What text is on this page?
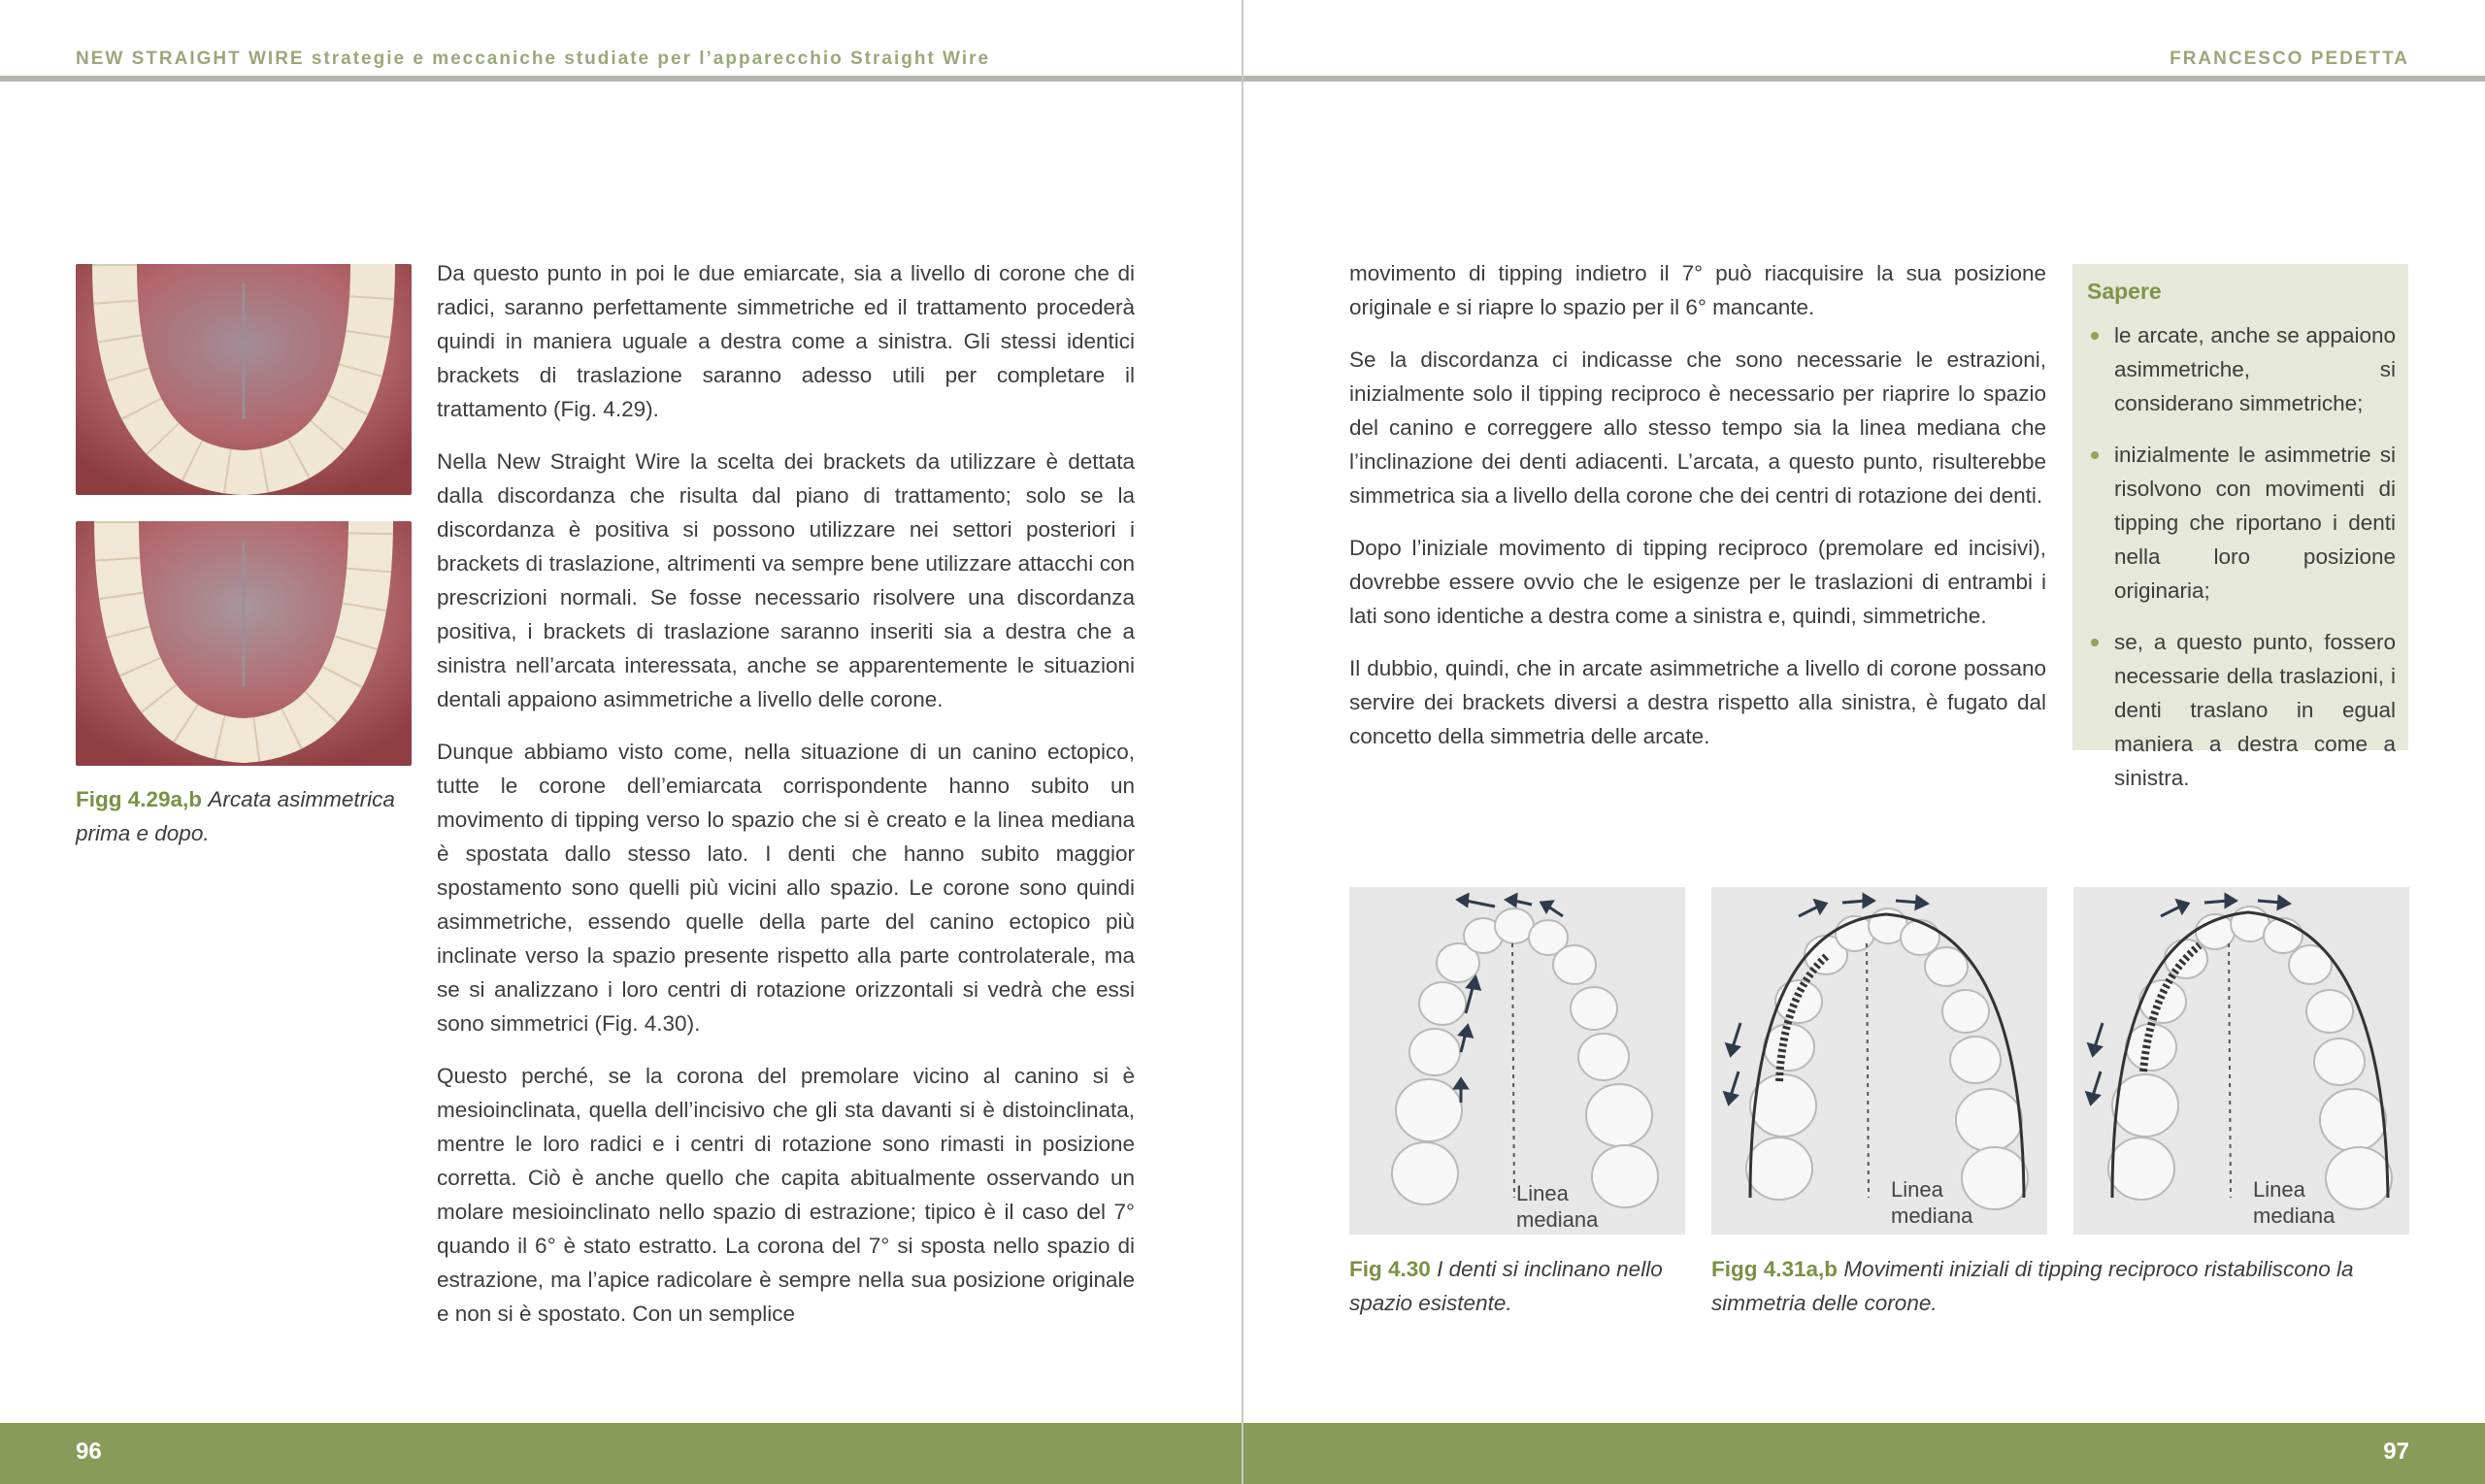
NEW STRAIGHT WIRE strategie e meccaniche studiate per l’apparecchio Straight Wire
Figg 4.29a,b Arcata asimmetrica prima e dopo.

Da questo punto in poi le due emiarcate, sia a livello di corone che di radici, saranno perfettamente simmetriche ed il trattamento procederà quindi in maniera uguale a destra come a sinistra. Gli stessi identici brackets di traslazione saranno adesso utili per completare il trattamento (Fig. 4.29).

Nella New Straight Wire la scelta dei brackets da utilizzare è dettata dalla discordanza che risulta dal piano di trattamento; solo se la discordanza è positiva si possono utilizzare nei settori posteriori i brackets di traslazione, altrimenti va sempre bene utilizzare attacchi con prescrizioni normali. Se fosse necessario risolvere una discordanza positiva, i brackets di traslazione saranno inseriti sia a destra che a sinistra nell’arcata interessata, anche se apparentemente le situazioni dentali appaiono asimmetriche a livello delle corone.

Dunque abbiamo visto come, nella situazione di un canino ectopico, tutte le corone dell’emiarcata corrispondente hanno subito un movimento di tipping verso lo spazio che si è creato e la linea mediana è spostata dallo stesso lato. I denti che hanno subito maggior spostamento sono quelli più vicini allo spazio. Le corone sono quindi asimmetriche, essendo quelle della parte del canino ectopico più inclinate verso la spazio presente rispetto alla parte controlaterale, ma se si analizzano i loro centri di rotazione orizzontali si vedrà che essi sono simmetrici (Fig. 4.30).

Questo perché, se la corona del premolare vicino al canino si è mesioinclinata, quella dell’incisivo che gli sta davanti si è distoinclinata, mentre le loro radici e i centri di rotazione sono rimasti in posizione corretta. Ciò è anche quello che capita abitualmente osservando un molare mesioinclinato nello spazio di estrazione; tipico è il caso del 7° quando il 6° è stato estratto. La corona del 7° si sposta nello spazio di estrazione, ma l’apice radicolare è sempre nella sua posizione originale e non si è spostato. Con un semplice

96
FRANCESCO PEDETTA

movimento di tipping indietro il 7° può riacquisire la sua posizione originale e si riapre lo spazio per il 6° mancante.

Se la discordanza ci indicasse che sono necessarie le estrazioni, inizialmente solo il tipping reciproco è necessario per riaprire lo spazio del canino e correggere allo stesso tempo sia la linea mediana che l’inclinazione dei denti adiacenti. L’arcata, a questo punto, risulterebbe simmetrica sia a livello della corone che dei centri di rotazione dei denti.

Dopo l’iniziale movimento di tipping reciproco (premolare ed incisivi), dovrebbe essere ovvio che le esigenze per le traslazioni di entrambi i lati sono identiche a destra come a sinistra e, quindi, simmetriche.

Il dubbio, quindi, che in arcate asimmetriche a livello di corone possano servire dei brackets diversi a destra rispetto alla sinistra, è fugato dal concetto della simmetria delle arcate.

Sapere
le arcate, anche se appaiono asimmetriche, si considerano simmetriche;
inizialmente le asimmetrie si risolvono con movimenti di tipping che riportano i denti nella loro posizione originaria;
se, a questo punto, fossero necessarie della traslazioni, i denti traslano in egual maniera a destra come a sinistra.
Linea
mediana
Linea
mediana
Linea
mediana
Fig 4.30 I denti si inclinano nello spazio esistente.
Figg 4.31a,b Movimenti iniziali di tipping reciproco ristabiliscono la simmetria delle corone.
97
